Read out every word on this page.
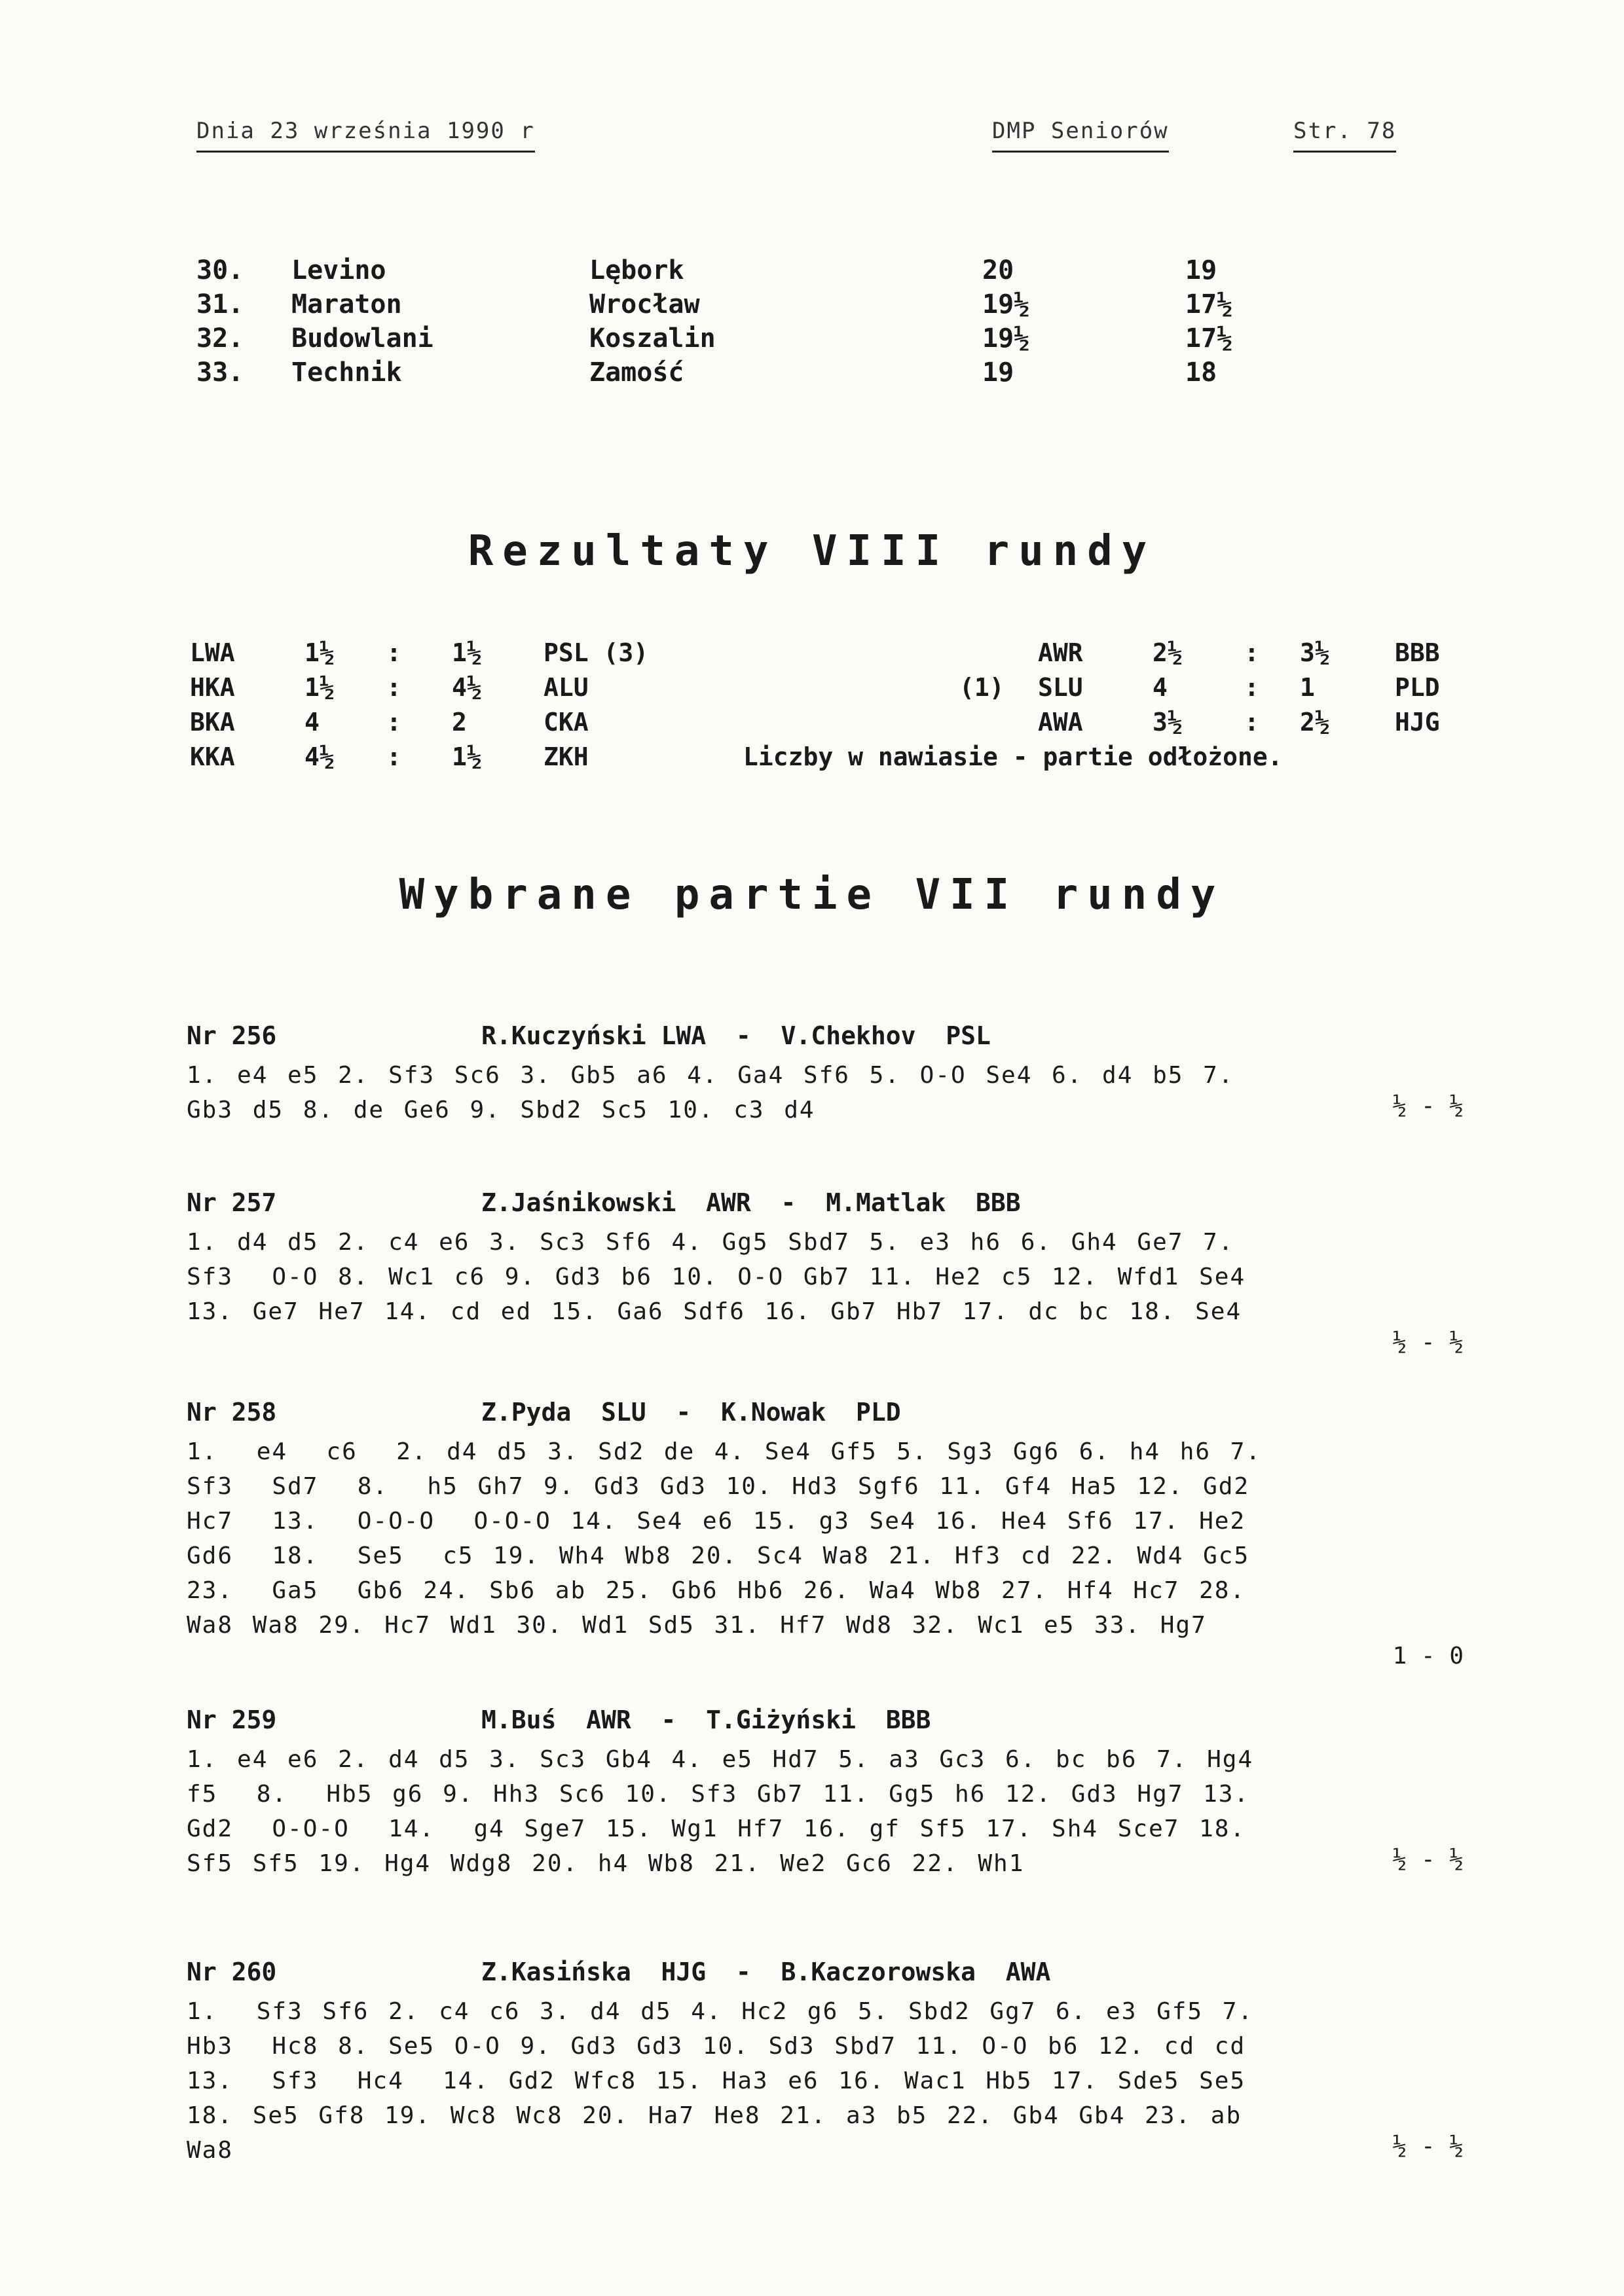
Dnia 23 września 1990 r	DMP Seniorów	Str. 78
30. Levino	Lębork	20	19
31. Maraton	Wrocław	19½	17½
32. Budowlani	Koszalin	19½	17½
33. Technik	Zamość	19	18
Rezultaty VIII rundy
LWA	1½ : 1½ PSL (3)
HKA	1½ : 4½ ALU
BKA	4	: 2	CKA
KKA	4½ : 1½ ZKH
AWR	2½ : 3½	BBB
(1) SLU	4	: 1	PLD
AWA	3½ : 2½	HJG
Liczby w nawiasie - partie odłożone.
Wybrane partie VII rundy
Nr 256	R.Kuczyński LWA  -  V.Chekhov  PSL
1. e4 e5 2. Sf3 Sc6 3. Gb5 a6 4. Ga4 Sf6 5. O-O Se4 6. d4 b5 7.
Gb3 d5 8. de Ge6 9. Sbd2 Sc5 10. c3 d4	½ - ½
Nr 257	Z.Jaśnikowski  AWR  -  M.Matlak  BBB
1. d4 d5 2. c4 e6 3. Sc3 Sf6 4. Gg5 Sbd7 5. e3 h6 6. Gh4 Ge7 7.
Sf3  O-O 8. Wc1 c6 9. Gd3 b6 10. O-O Gb7 11. He2 c5 12. Wfd1 Se4
13. Ge7 He7 14. cd ed 15. Ga6 Sdf6 16. Gb7 Hb7 17. dc bc 18. Se4
½ - ½
Nr 258	Z.Pyda  SLU  -  K.Nowak  PLD
1.  e4  c6  2. d4 d5 3. Sd2 de 4. Se4 Gf5 5. Sg3 Gg6 6. h4 h6 7.
Sf3  Sd7  8.  h5 Gh7 9. Gd3 Gd3 10. Hd3 Sgf6 11. Gf4 Ha5 12. Gd2
Hc7  13.  O-O-O  O-O-O 14. Se4 e6 15. g3 Se4 16. He4 Sf6 17. He2
Gd6  18.  Se5  c5 19. Wh4 Wb8 20. Sc4 Wa8 21. Hf3 cd 22. Wd4 Gc5
23.  Ga5  Gb6 24. Sb6 ab 25. Gb6 Hb6 26. Wa4 Wb8 27. Hf4 Hc7 28.
Wa8 Wa8 29. Hc7 Wd1 30. Wd1 Sd5 31. Hf7 Wd8 32. Wc1 e5 33. Hg7
1 - 0
Nr 259	M.Buś  AWR  -  T.Giżyński  BBB
1. e4 e6 2. d4 d5 3. Sc3 Gb4 4. e5 Hd7 5. a3 Gc3 6. bc b6 7. Hg4
f5  8.  Hb5 g6 9. Hh3 Sc6 10. Sf3 Gb7 11. Gg5 h6 12. Gd3 Hg7 13.
Gd2  O-O-O  14.  g4 Sge7 15. Wg1 Hf7 16. gf Sf5 17. Sh4 Sce7 18.
Sf5 Sf5 19. Hg4 Wdg8 20. h4 Wb8 21. We2 Gc6 22. Wh1	½ - ½
Nr 260	Z.Kasińska  HJG  -  B.Kaczorowska  AWA
1.  Sf3 Sf6 2. c4 c6 3. d4 d5 4. Hc2 g6 5. Sbd2 Gg7 6. e3 Gf5 7.
Hb3  Hc8 8. Se5 O-O 9. Gd3 Gd3 10. Sd3 Sbd7 11. O-O b6 12. cd cd
13.  Sf3  Hc4  14. Gd2 Wfc8 15. Ha3 e6 16. Wac1 Hb5 17. Sde5 Se5
18. Se5 Gf8 19. Wc8 Wc8 20. Ha7 He8 21. a3 b5 22. Gb4 Gb4 23. ab
Wa8	½ - ½
